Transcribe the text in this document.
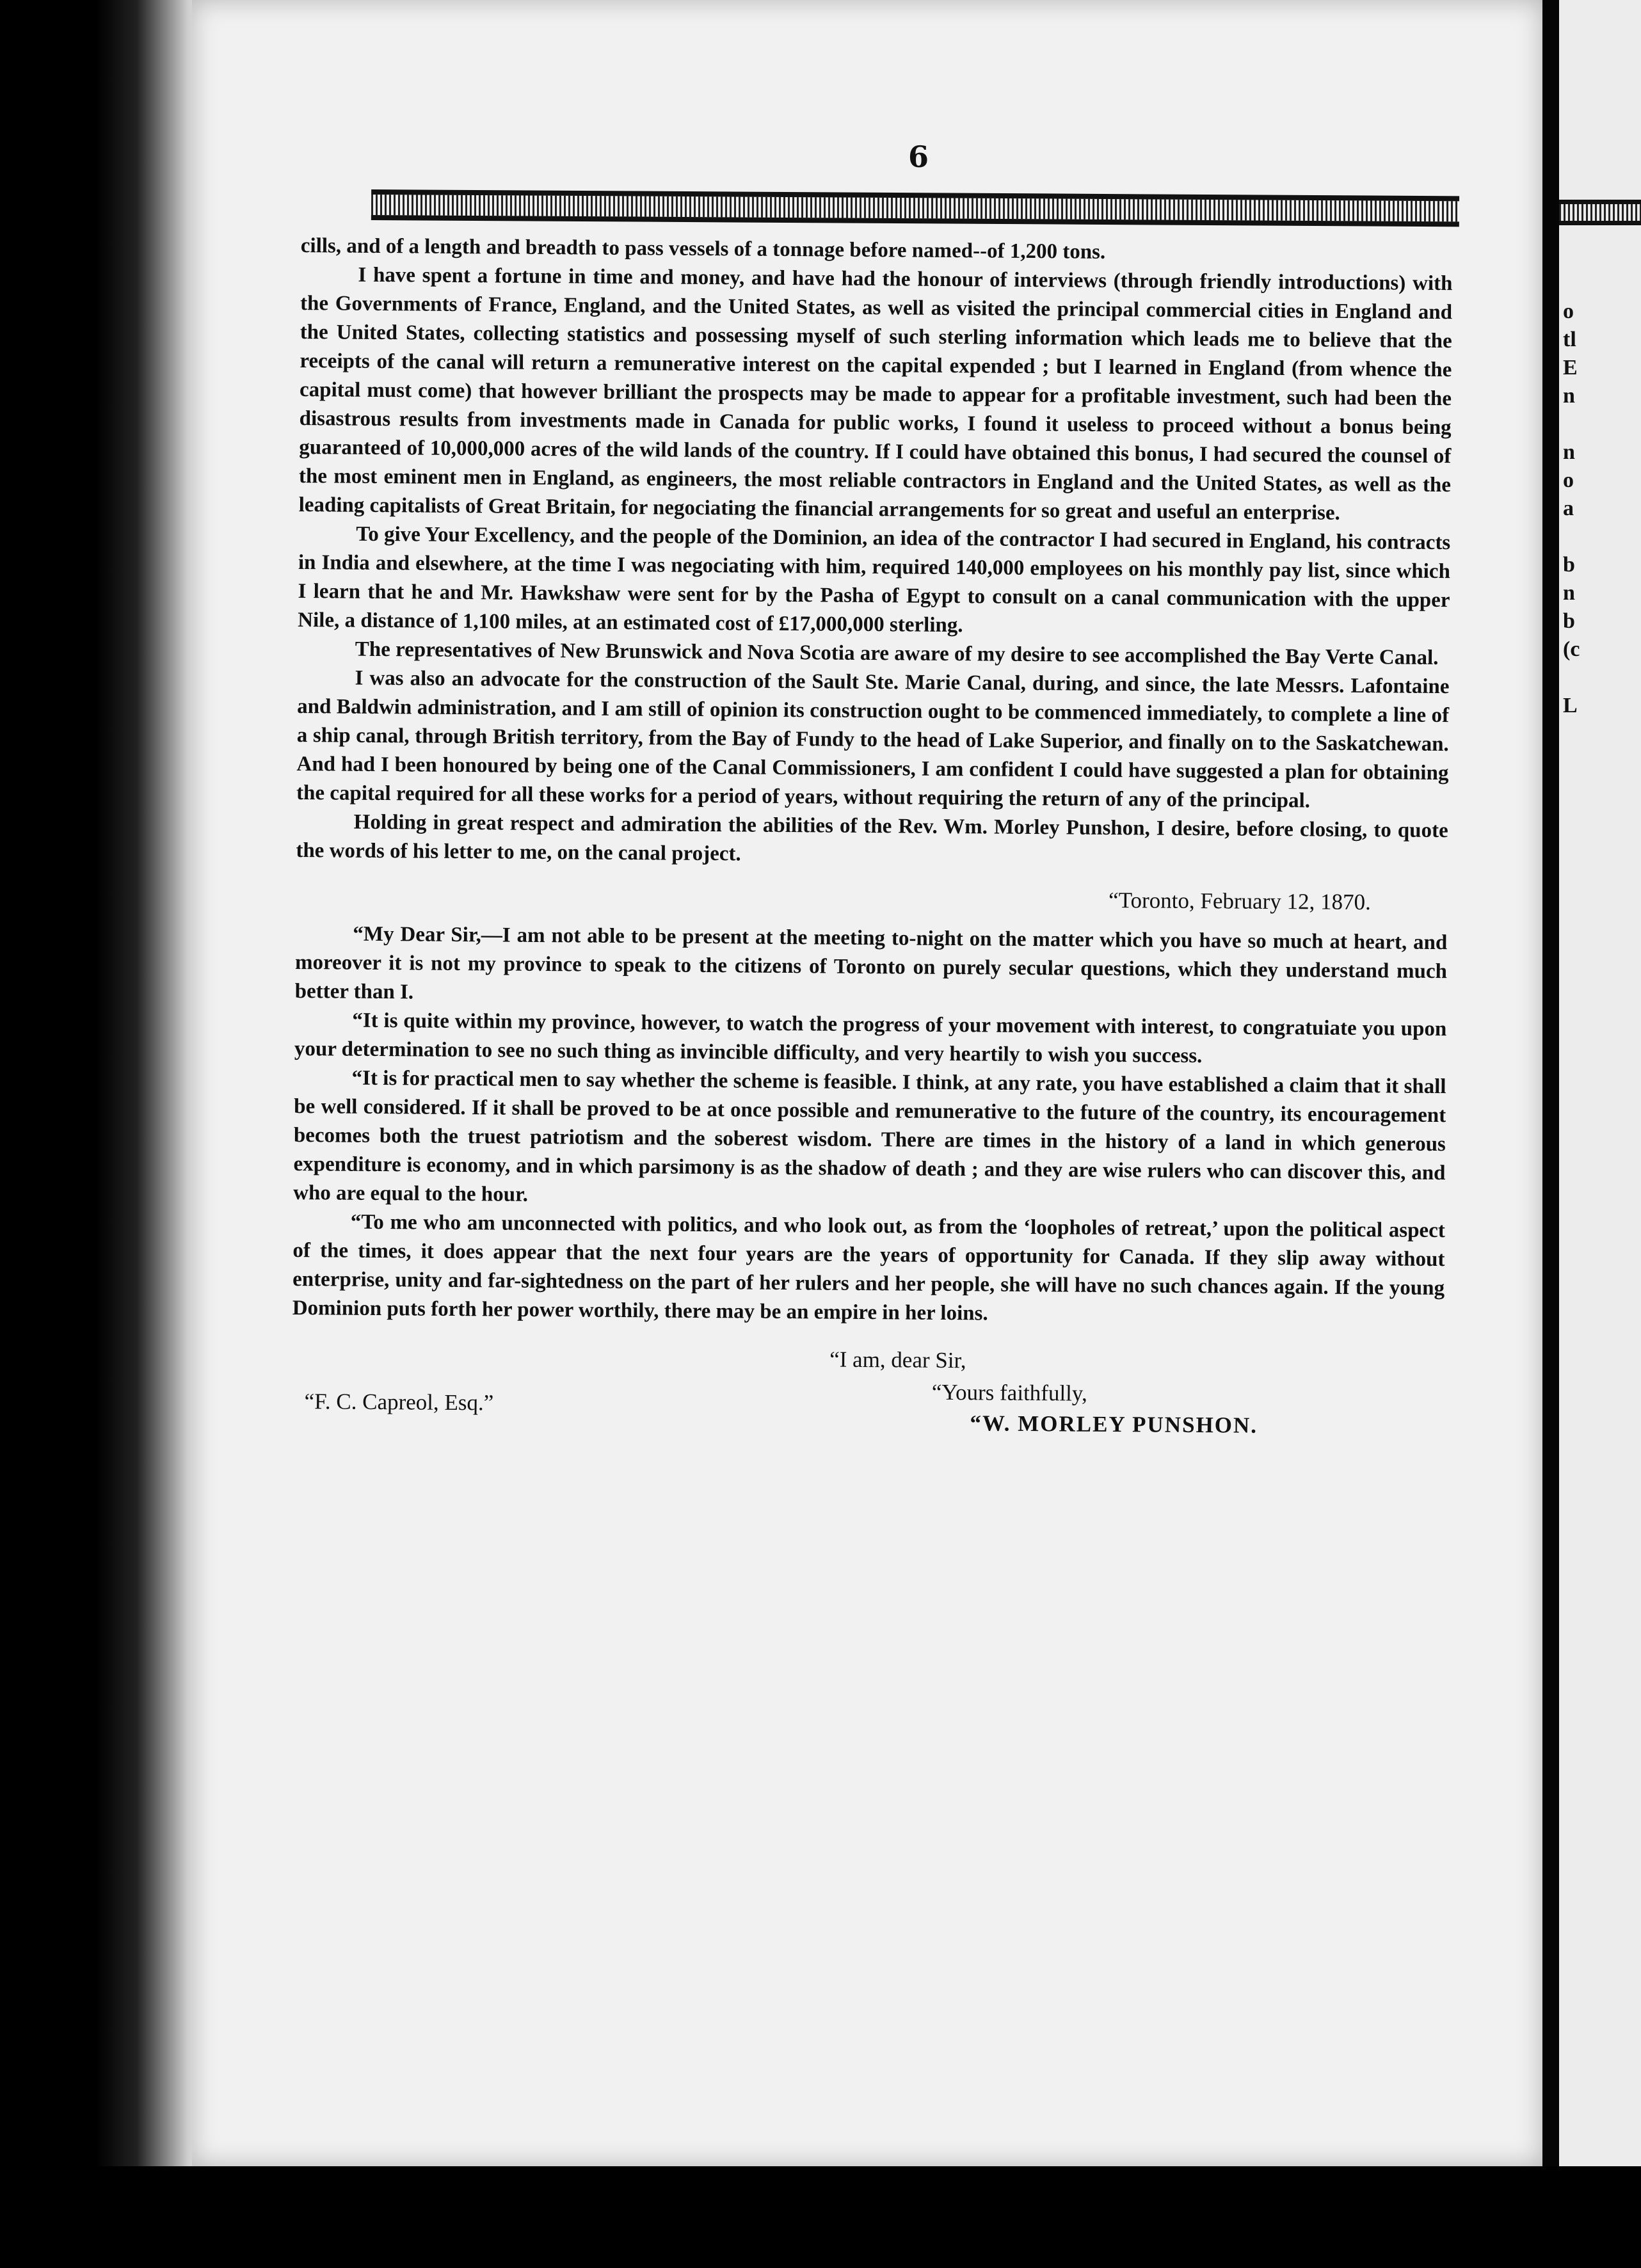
6

cills, and of a length and breadth to pass vessels of a tonnage before named--of 1,200 tons.

I have spent a fortune in time and money, and have had the honour of interviews (through friendly introductions) with the Governments of France, England, and the United States, as well as visited the principal commercial cities in England and the United States, collecting statistics and possessing myself of such sterling information which leads me to believe that the receipts of the canal will return a remunerative interest on the capital expended ; but I learned in England (from whence the capital must come) that however brilliant the prospects may be made to appear for a profitable investment, such had been the disastrous results from investments made in Canada for public works, I found it useless to proceed without a bonus being guaranteed of 10,000,000 acres of the wild lands of the country. If I could have obtained this bonus, I had secured the counsel of the most eminent men in England, as engineers, the most reliable contractors in England and the United States, as well as the leading capitalists of Great Britain, for negociating the financial arrangements for so great and useful an enterprise.

To give Your Excellency, and the people of the Dominion, an idea of the contractor I had secured in England, his contracts in India and elsewhere, at the time I was negociating with him, required 140,000 employees on his monthly pay list, since which I learn that he and Mr. Hawkshaw were sent for by the Pasha of Egypt to consult on a canal communication with the upper Nile, a distance of 1,100 miles, at an estimated cost of £17,000,000 sterling.

The representatives of New Brunswick and Nova Scotia are aware of my desire to see accomplished the Bay Verte Canal.

I was also an advocate for the construction of the Sault Ste. Marie Canal, during, and since, the late Messrs. Lafontaine and Baldwin administration, and I am still of opinion its construction ought to be commenced immediately, to complete a line of a ship canal, through British territory, from the Bay of Fundy to the head of Lake Superior, and finally on to the Saskatchewan. And had I been honoured by being one of the Canal Commissioners, I am confident I could have suggested a plan for obtaining the capital required for all these works for a period of years, without requiring the return of any of the principal.

Holding in great respect and admiration the abilities of the Rev. Wm. Morley Punshon, I desire, before closing, to quote the words of his letter to me, on the canal project.

“Toronto, February 12, 1870.

“My Dear Sir,—I am not able to be present at the meeting to-night on the matter which you have so much at heart, and moreover it is not my province to speak to the citizens of Toronto on purely secular questions, which they understand much better than I.

“It is quite within my province, however, to watch the progress of your movement with interest, to congratuiate you upon your determination to see no such thing as invincible difficulty, and very heartily to wish you success.

“It is for practical men to say whether the scheme is feasible. I think, at any rate, you have established a claim that it shall be well considered. If it shall be proved to be at once possible and remunerative to the future of the country, its encouragement becomes both the truest patriotism and the soberest wisdom. There are times in the history of a land in which generous expenditure is economy, and in which parsimony is as the shadow of death ; and they are wise rulers who can discover this, and who are equal to the hour.

“To me who am unconnected with politics, and who look out, as from the ‘loopholes of retreat,’ upon the political aspect of the times, it does appear that the next four years are the years of opportunity for Canada. If they slip away without enterprise, unity and far-sightedness on the part of her rulers and her people, she will have no such chances again. If the young Dominion puts forth her power worthily, there may be an empire in her loins.

“I am, dear Sir,
“Yours faithfully,
“F. C. Capreol, Esq.”
“W. MORLEY PUNSHON.
o
tl
E
n
n
o
a
b
n
b
(c
L
